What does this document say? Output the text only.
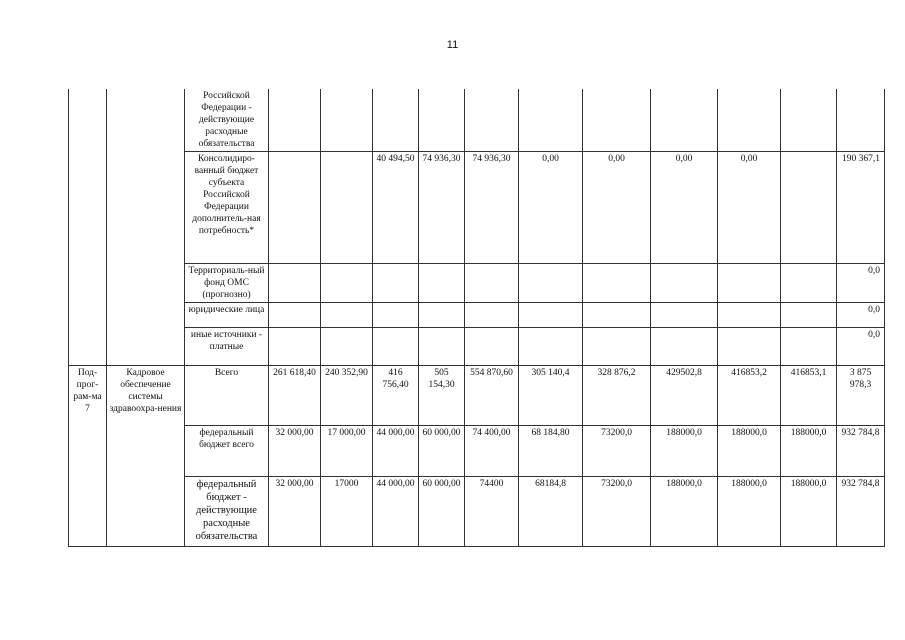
11
		Российской Федерации - действующие расходные обязательства											
		Консолидиро-ванный бюджет субъекта Российской Федерации дополнитель-ная потребность*			40 494,50	74 936,30	74 936,30	0,00	0,00	0,00	0,00		190 367,1
		Территориаль-ный фонд ОМС (прогнозно)											0,0
		юридические лица											0,0
		иные источники - платные											0,0
Под-прог-рам-ма 7	Кадровое обеспечение системы здравоохра-нения	Всего	261 618,40	240 352,90	416 756,40	505 154,30	554 870,60	305 140,4	328 876,2	429502,8	416853,2	416853,1	3 875 978,3
		федеральный бюджет всего	32 000,00	17 000,00	44 000,00	60 000,00	74 400,00	68 184,80	73200,0	188000,0	188000,0	188000,0	932 784,8
		федеральный бюджет - действующие расходные обязательства	32 000,00	17000	44 000,00	60 000,00	74400	68184,8	73200,0	188000,0	188000,0	188000,0	932 784,8
